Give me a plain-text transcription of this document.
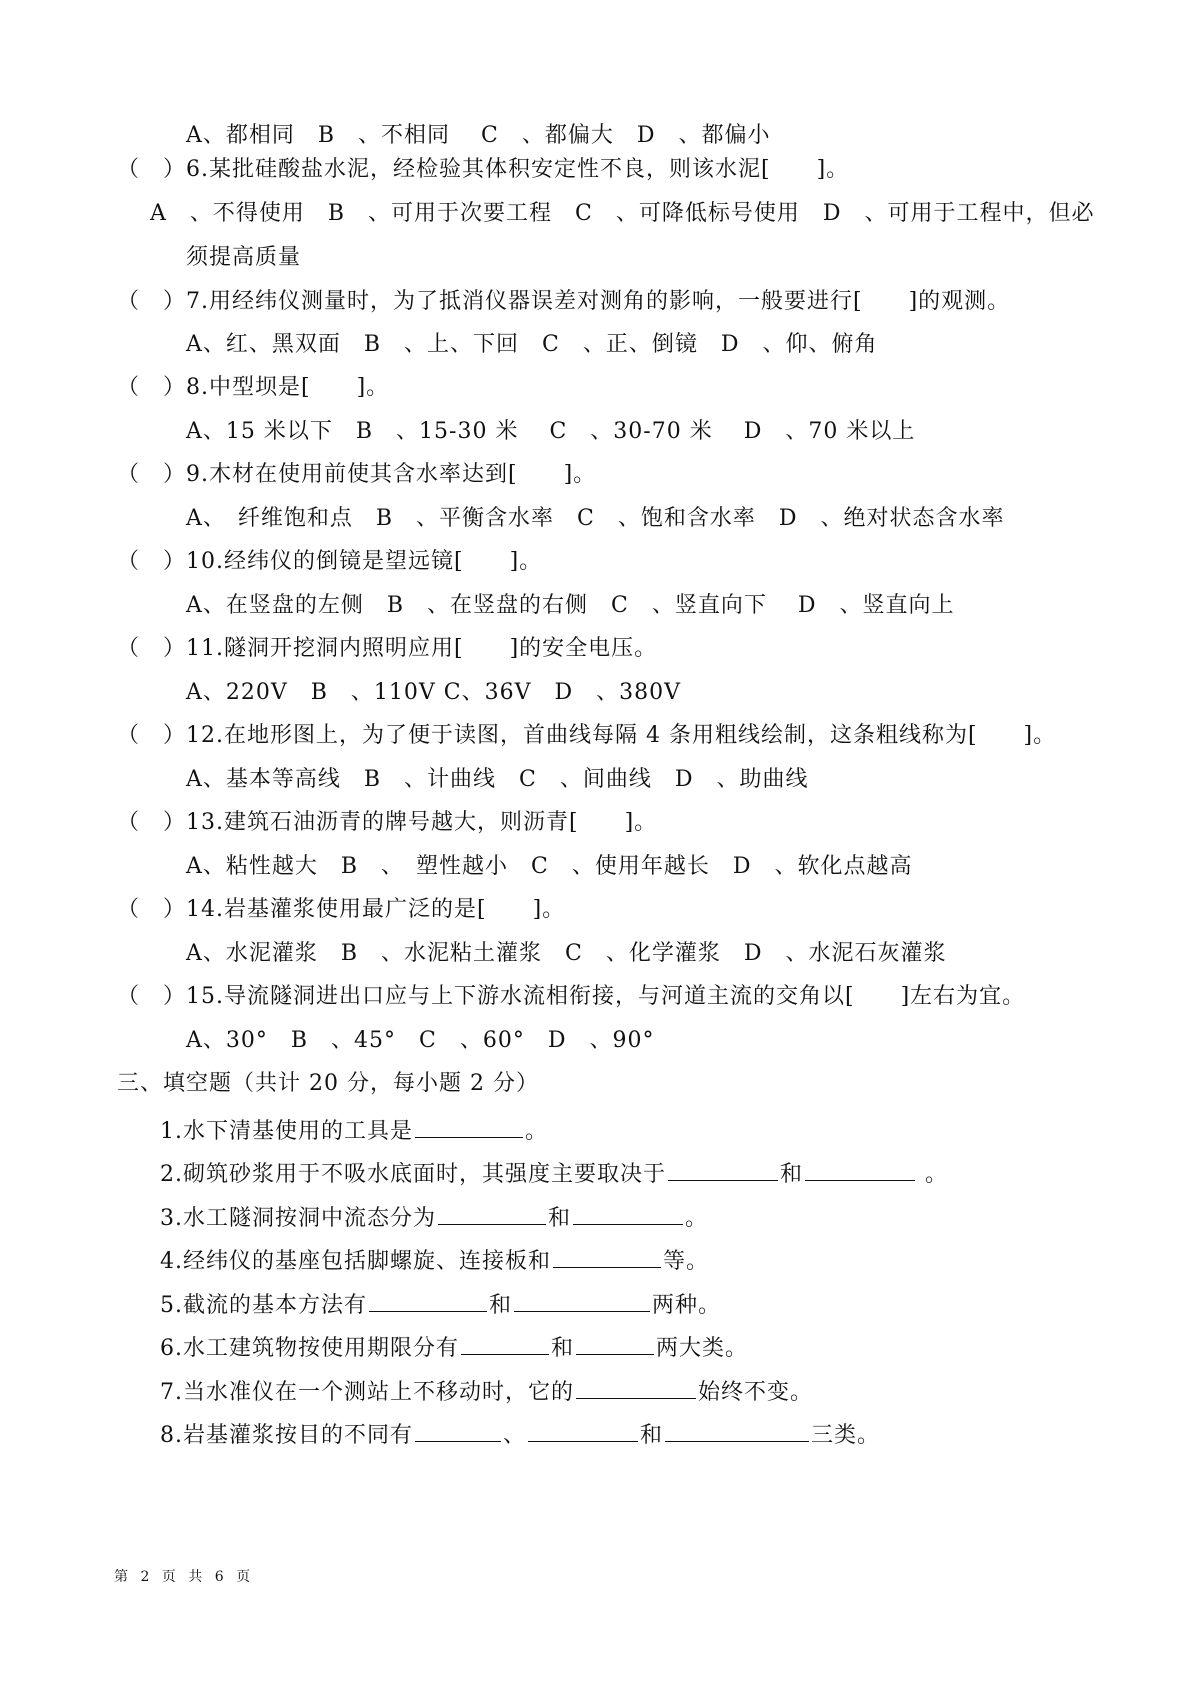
A、都相同　B　、不相同　 C　、都偏大　D　、都偏小
（　）6.某批硅酸盐水泥，经检验其体积安定性不良，则该水泥[　　]。
A　、不得使用　B　、可用于次要工程　C　、可降低标号使用　D　、可用于工程中，但必
须提高质量
（　）7.用经纬仪测量时，为了抵消仪器误差对测角的影响，一般要进行[　　]的观测。
A、红、黑双面　B　、上、下回　C　、正、倒镜　D　、仰、俯角
（　）8.中型坝是[　　]。
A、15 米以下　B　、15-30 米　 C　、30-70 米　 D　、70 米以上
（　）9.木材在使用前使其含水率达到[　　]。
A、　纤维饱和点　B　、平衡含水率　C　、饱和含水率　D　、绝对状态含水率
（　）10.经纬仪的倒镜是望远镜[　　]。
A、在竖盘的左侧　B　、在竖盘的右侧　C　、竖直向下　 D　、竖直向上
（　）11.隧洞开挖洞内照明应用[　　]的安全电压。
A、220V　B　、110V C、36V　D　、380V
（　）12.在地形图上，为了便于读图，首曲线每隔 4 条用粗线绘制，这条粗线称为[　　]。
A、基本等高线　B　、计曲线　C　、间曲线　D　、助曲线
（　）13.建筑石油沥青的牌号越大，则沥青[　　]。
A、粘性越大　B　、　塑性越小　C　、使用年越长　D　、软化点越高
（　）14.岩基灌浆使用最广泛的是[　　]。
A、水泥灌浆　B　、水泥粘土灌浆　C　、化学灌浆　D　、水泥石灰灌浆
（　）15.导流隧洞进出口应与上下游水流相衔接，与河道主流的交角以[　　]左右为宜。
A、30°　B　、45°　C　、60°　D　、90°
三、填空题（共计 20 分，每小题 2 分）
1.水下清基使用的工具是	。
2.砌筑砂浆用于不吸水底面时，其强度主要取决于	和	。
3.水工隧洞按洞中流态分为	和	。
4.经纬仪的基座包括脚螺旋、连接板和	等。
5.截流的基本方法有	和	两种。
6.水工建筑物按使用期限分有	和	两大类。
7.当水准仪在一个测站上不移动时，它的	始终不变。
8.岩基灌浆按目的不同有	、	和	三类。
第 2 页 共 6 页
